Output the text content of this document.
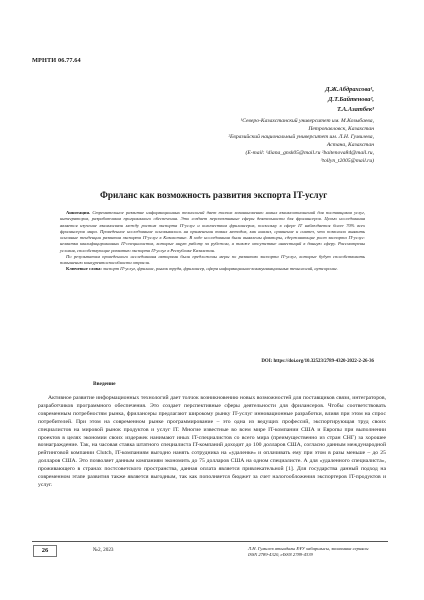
МРНТИ 06.77.64
Д.Ж.Абдрахсова¹,
Д.Т.Байтенова²,
Т.А.Азатбек³
¹Северо-Казахстанский университет им. М.Козыбаева,
Петропавловск, Казахстан
²Евразийский национальный университет им. Л.Н. Гумилева,
Астана, Казахстан
(E-mail: ¹diana_gnsk05@mail.ru ²baitenova84@mail.ru,
³tollyn_t2005@mail.ru)
Фриланс как возможность развития экспорта IT-услуг

Аннотация. Стремительное развитие информационных технологий дает толчок возникновению новых взаимоотношений для поставщиков услуг, интеграторов, разработчиков программного обеспечения. Это создает перспективные сферы деятельности для фрилансеров. Целью исследования является изучение взаимосвязи между ростом экспорта IT-услуг и количеством фрилансеров, поскольку в сфере IT наблюдается более 70% всех фрилансеров мира. Проведенное исследование основывалось на применении таких методов, как анализ, сравнение и синтез, что позволило выявить основные тенденции развития экспорта IT-услуг в Казахстане. В ходе исследования были выявлены факторы, сдерживающие рост экспорта IT-услуг: нехватка квалифицированных IT-специалистов, которые ищут работу за рубежом, а также отсутствие инвестиций в данную сферу. Рассмотрены условия, способствующие развитию экспорта IT-услуг в Республике Казахстан.

По результатам проведенного исследования авторами были предложены меры по развитию экспорта IT-услуг, которые будут способствовать повышению конкурентоспособности отрасли.

Ключевые слова: экспорт IT-услуг, фриланс, рынок труда, фрилансер, сфера информационно-коммуникационных технологий, аутсорсинг.

DOI: https://doi.org/10.32523/2789-4320-2022-2-26-36
Введение

Активное развитие информационных технологий дает толчок возникновению новых возможностей для поставщиков связи, интеграторов, разработчиков программного обеспечения. Это создает перспективные сферы деятельности для фрилансеров. Чтобы соответствовать современным потребностям рынка, фрилансеры предлагают широкому рынку IT-услуг инновационные разработки, влияя при этом на спрос потребителей. При этом на современном рынке программирование – это одна из ведущих профессий, экспортирующая труд своих специалистов на мировой рынок продуктов и услуг IT. Многие известные во всем мире IT-компании США и Европы при выполнении проектов в целях экономии своих издержек нанимают иных IT-специалистов со всего мира (преимущественно из стран СНГ) за хорошее вознаграждение. Так, на часовая ставка штатного специалиста IT-компаний доходит до 100 долларов США, согласно данным международной рейтинговой компании Clutch, IT-компаниям выгодно нанять сотрудника на «удаленке» и оплачивать ему при этом в разы меньше – до 25 долларов США. Это позволяет данным компаниям экономить до 75 долларов США на одном специалисте. А для «удаленного специалиста», проживающего в странах постсоветского пространства, данная оплата является привлекательной [1]. Для государства данный подход на современном этапе развития также является выгодным, так как пополняется бюджет за счет налогообложения экспортеров IT-продуктов и услуг.

26	№2, 2023	Л.Н. Гумилев атындағы ЕҰУ хабаршысы, экономика сериясы
ISSN 2789-4320, eISSN 2789-4339
